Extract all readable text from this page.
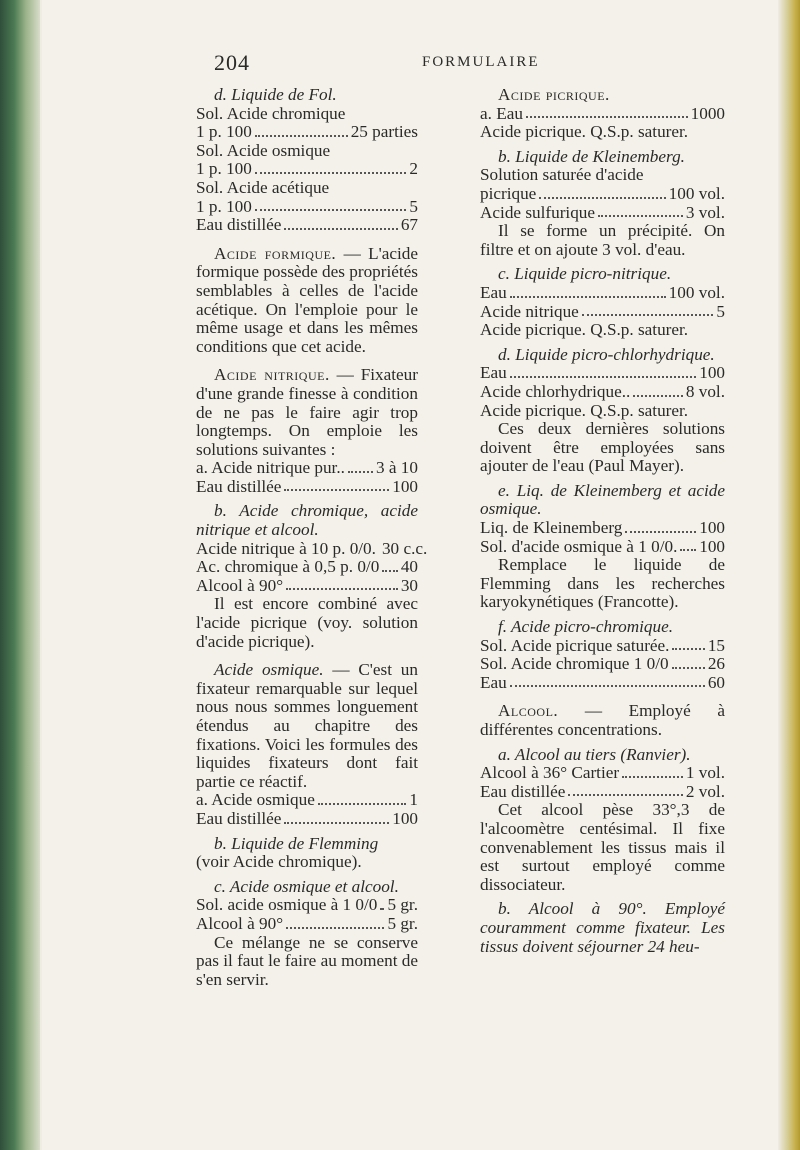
204	FORMULAIRE
d. Liquide de Fol.
Sol. Acide chromique
1 p. 100	25 parties
Sol. Acide osmique
1 p. 100	2
Sol. Acide acétique
1 p. 100	5
Eau distillée	67
Acide formique. — L'acide formique possède des propriétés semblables à celles de l'acide acétique. On l'emploie pour le même usage et dans les mêmes conditions que cet acide.
Acide nitrique. — Fixateur d'une grande finesse à condition de ne pas le faire agir trop longtemps. On emploie les solutions suivantes :
a. Acide nitrique pur.. 3 à 10
Eau distillée	100
b. Acide chromique, acide nitrique et alcool.
Acide nitrique à 10 p. 0/0. 30 c.c.
Ac. chromique à 0,5 p. 0/0 40
Alcool à 90°	30
Il est encore combiné avec l'acide picrique (voy. solution d'acide picrique).
Acide osmique. — C'est un fixateur remarquable sur lequel nous nous sommes longuement étendus au chapitre des fixations. Voici les formules des liquides fixateurs dont fait partie ce réactif.
a. Acide osmique	1
Eau distillée	100
b. Liquide de Flemming
(voir Acide chromique).
c. Acide osmique et alcool.
Sol. acide osmique à 1 0/0 5 gr.
Alcool à 90°	5 gr.
Ce mélange ne se conserve pas il faut le faire au moment de s'en servir.
Acide picrique.
a. Eau	1000
Acide picrique. Q.S.p. saturer.
b. Liquide de Kleinemberg.
Solution saturée d'acide
picrique	100 vol.
Acide sulfurique	3 vol.
Il se forme un précipité. On filtre et on ajoute 3 vol. d'eau.
c. Liquide picro-nitrique.
Eau	100 vol.
Acide nitrique	5
Acide picrique. Q.S.p. saturer.
d. Liquide picro-chlorhydrique.
Eau	100
Acide chlorhydrique..	8 vol.
Acide picrique. Q.S.p. saturer.
Ces deux dernières solutions doivent être employées sans ajouter de l'eau (Paul Mayer).
e. Liq. de Kleinemberg et acide osmique.
Liq. de Kleinemberg	100
Sol. d'acide osmique à 1 0/0. 100
Remplace le liquide de Flemming dans les recherches karyokynétiques (Francotte).
f. Acide picro-chromique.
Sol. Acide picrique saturée. 15
Sol. Acide chromique 1 0/0 26
Eau	60
Alcool. — Employé à différentes concentrations.
a. Alcool au tiers (Ranvier).
Alcool à 36° Cartier	1 vol.
Eau distillée	2 vol.
Cet alcool pèse 33°,3 de l'alcoomètre centésimal. Il fixe convenablement les tissus mais il est surtout employé comme dissociateur.
b. Alcool à 90°. Employé couramment comme fixateur. Les tissus doivent séjourner 24 heu-
